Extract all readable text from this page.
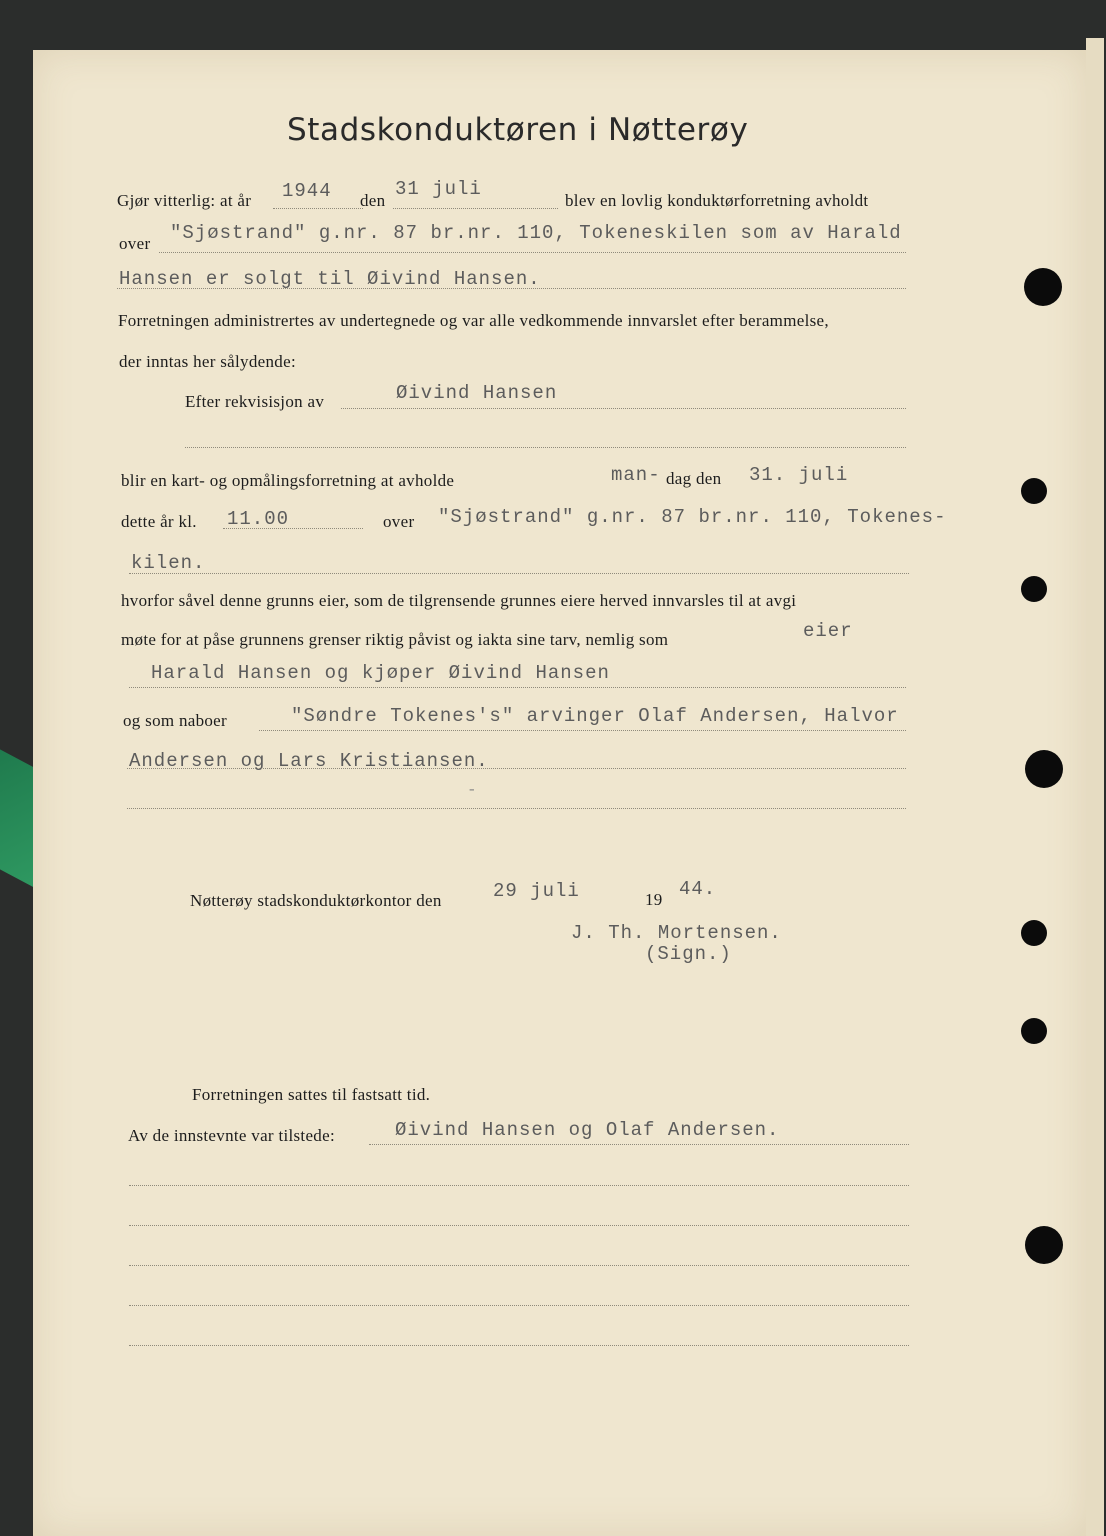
Stadskonduktøren i Nøtterøy
Gjør vitterlig: at år 1944 den
31 juli
blev en lovlig konduktørforretning avholdt
over "Sjøstrand" g.nr. 87 br.nr. 110, Tokeneskilen som av Harald
Hansen er solgt til Øivind Hansen.
Forretningen administrertes av undertegnede og var alle vedkommende innvarslet efter berammelse,
der inntas her sålydende:
Efter rekvisisjon av	Øivind Hansen
blir en kart- og opmålingsforretning at avholde	man- dag den 31. juli
dette år kl. 11.00	over "Sjøstrand" g.nr. 87 br.nr. 110, Tokenes-
kilen.
hvorfor såvel denne grunns eier, som de tilgrensende grunnes eiere herved innvarsles til at avgi
møte for at påse grunnens grenser riktig påvist og iakta sine tarv, nemlig som	eier
Harald Hansen og kjøper Øivind Hansen
og som naboer	"Søndre Tokenes's" arvinger Olaf Andersen, Halvor
Andersen og Lars Kristiansen.
-
Nøtterøy stadskonduktørkontor den	29 juli	19 44.
J. Th. Mortensen.
(Sign.)
Forretningen sattes til fastsatt tid.
Av de innstevnte var tilstede:	Øivind Hansen og Olaf Andersen.
